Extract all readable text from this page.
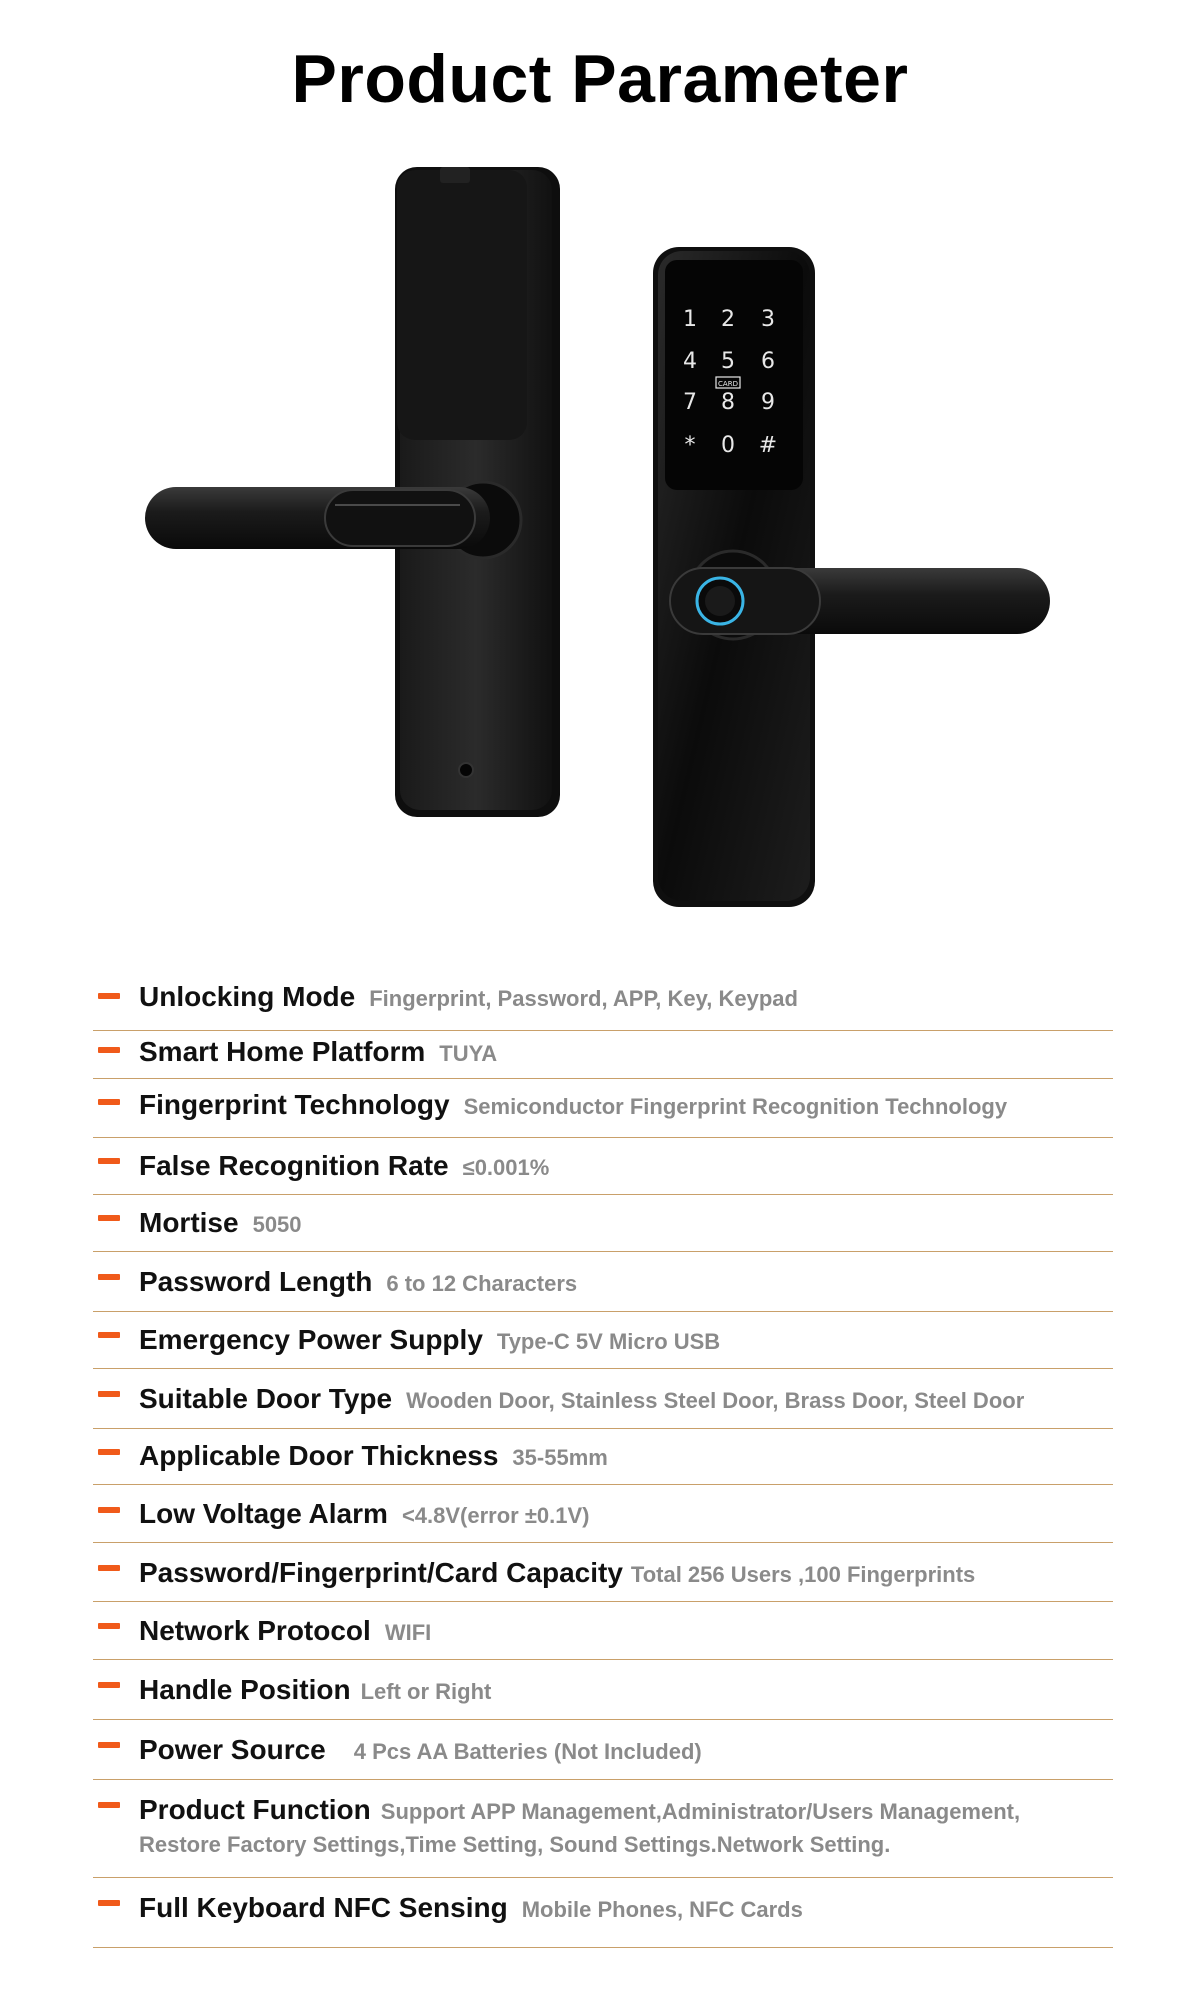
Product Parameter
1 2 3
4 5 6
7 8 9
* 0 #
CARD
Unlocking Mode Fingerprint, Password, APP, Key, Keypad
Smart Home Platform TUYA
Fingerprint Technology Semiconductor Fingerprint Recognition Technology
False Recognition Rate ≤0.001%
Mortise 5050
Password Length 6 to 12 Characters
Emergency Power Supply Type-C 5V Micro USB
Suitable Door Type Wooden Door, Stainless Steel Door, Brass Door, Steel Door
Applicable Door Thickness 35-55mm
Low Voltage Alarm <4.8V(error ±0.1V)
Password/Fingerprint/Card Capacity Total 256 Users ,100 Fingerprints
Network Protocol WIFI
Handle Position Left or Right
Power Source 4 Pcs AA Batteries (Not Included)
Product Function Support APP Management,Administrator/Users Management,
Restore Factory Settings,Time Setting, Sound Settings.Network Setting.
Full Keyboard NFC Sensing Mobile Phones, NFC Cards
